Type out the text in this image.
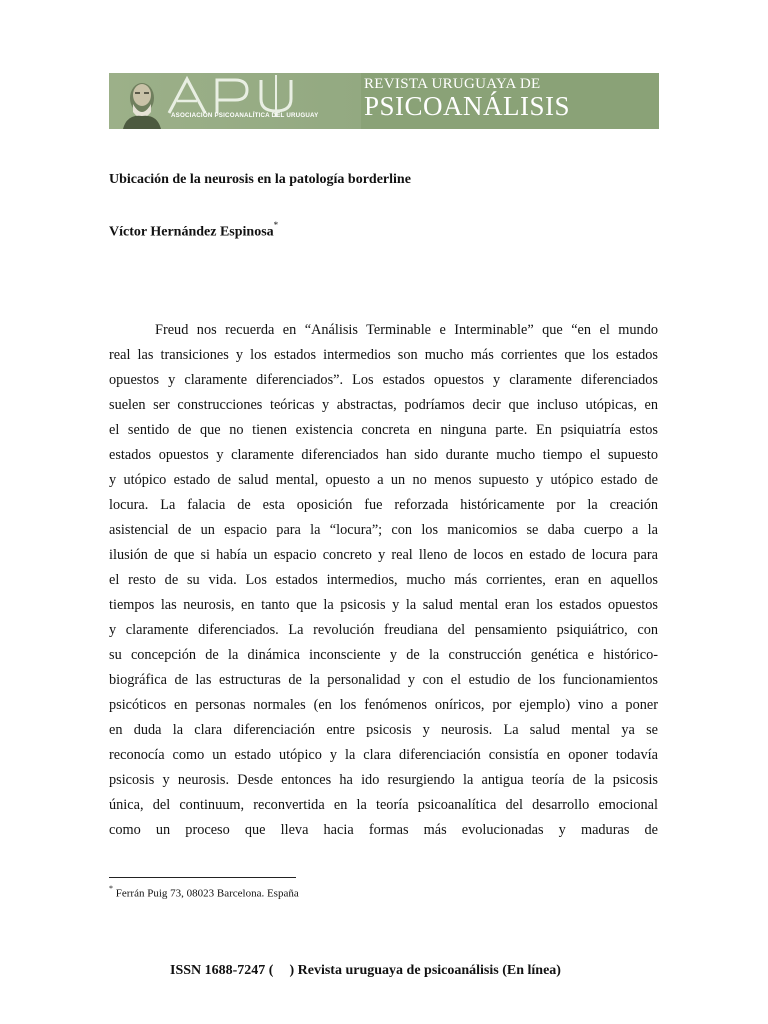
ASOCIACIÓN PSICOANALÍTICA DEL URUGUAY
REVISTA URUGUAYA DE
PSICOANÁLISIS
Ubicación de la neurosis en la patología borderline
Víctor Hernández Espinosa*
Freud nos recuerda en “Análisis Terminable e Interminable” que “en el mundo
real las transiciones y los estados intermedios son mucho más corrientes que los estados
opuestos y claramente diferenciados”. Los estados opuestos y claramente diferenciados
suelen ser construcciones teóricas y abstractas, podríamos decir que incluso utópicas, en
el sentido de que no tienen existencia concreta en ninguna parte. En psiquiatría estos
estados opuestos y claramente diferenciados han sido durante mucho tiempo el supuesto
y utópico estado de salud mental, opuesto a un no menos supuesto y utópico estado de
locura. La falacia de esta oposición fue reforzada históricamente por la creación
asistencial de un espacio para la “locura”; con los manicomios se daba cuerpo a la
ilusión de que si había un espacio concreto y real lleno de locos en estado de locura para
el resto de su vida. Los estados intermedios, mucho más corrientes, eran en aquellos
tiempos las neurosis, en tanto que la psicosis y la salud mental eran los estados opuestos
y claramente diferenciados. La revolución freudiana del pensamiento psiquiátrico, con
su concepción de la dinámica inconsciente y de la construcción genética e histórico-
biográfica de las estructuras de la personalidad y con el estudio de los funcionamientos
psicóticos en personas normales (en los fenómenos oníricos, por ejemplo) vino a poner
en duda la clara diferenciación entre psicosis y neurosis. La salud mental ya se
reconocía como un estado utópico y la clara diferenciación consistía en oponer todavía
psicosis y neurosis. Desde entonces ha ido resurgiendo la antigua teoría de la psicosis
única, del continuum, reconvertida en la teoría psicoanalítica del desarrollo emocional
como un proceso que lleva hacia formas más evolucionadas y maduras de
* Ferrán Puig 73, 08023 Barcelona. España
ISSN 1688-7247 ( ) Revista uruguaya de psicoanálisis (En línea)
